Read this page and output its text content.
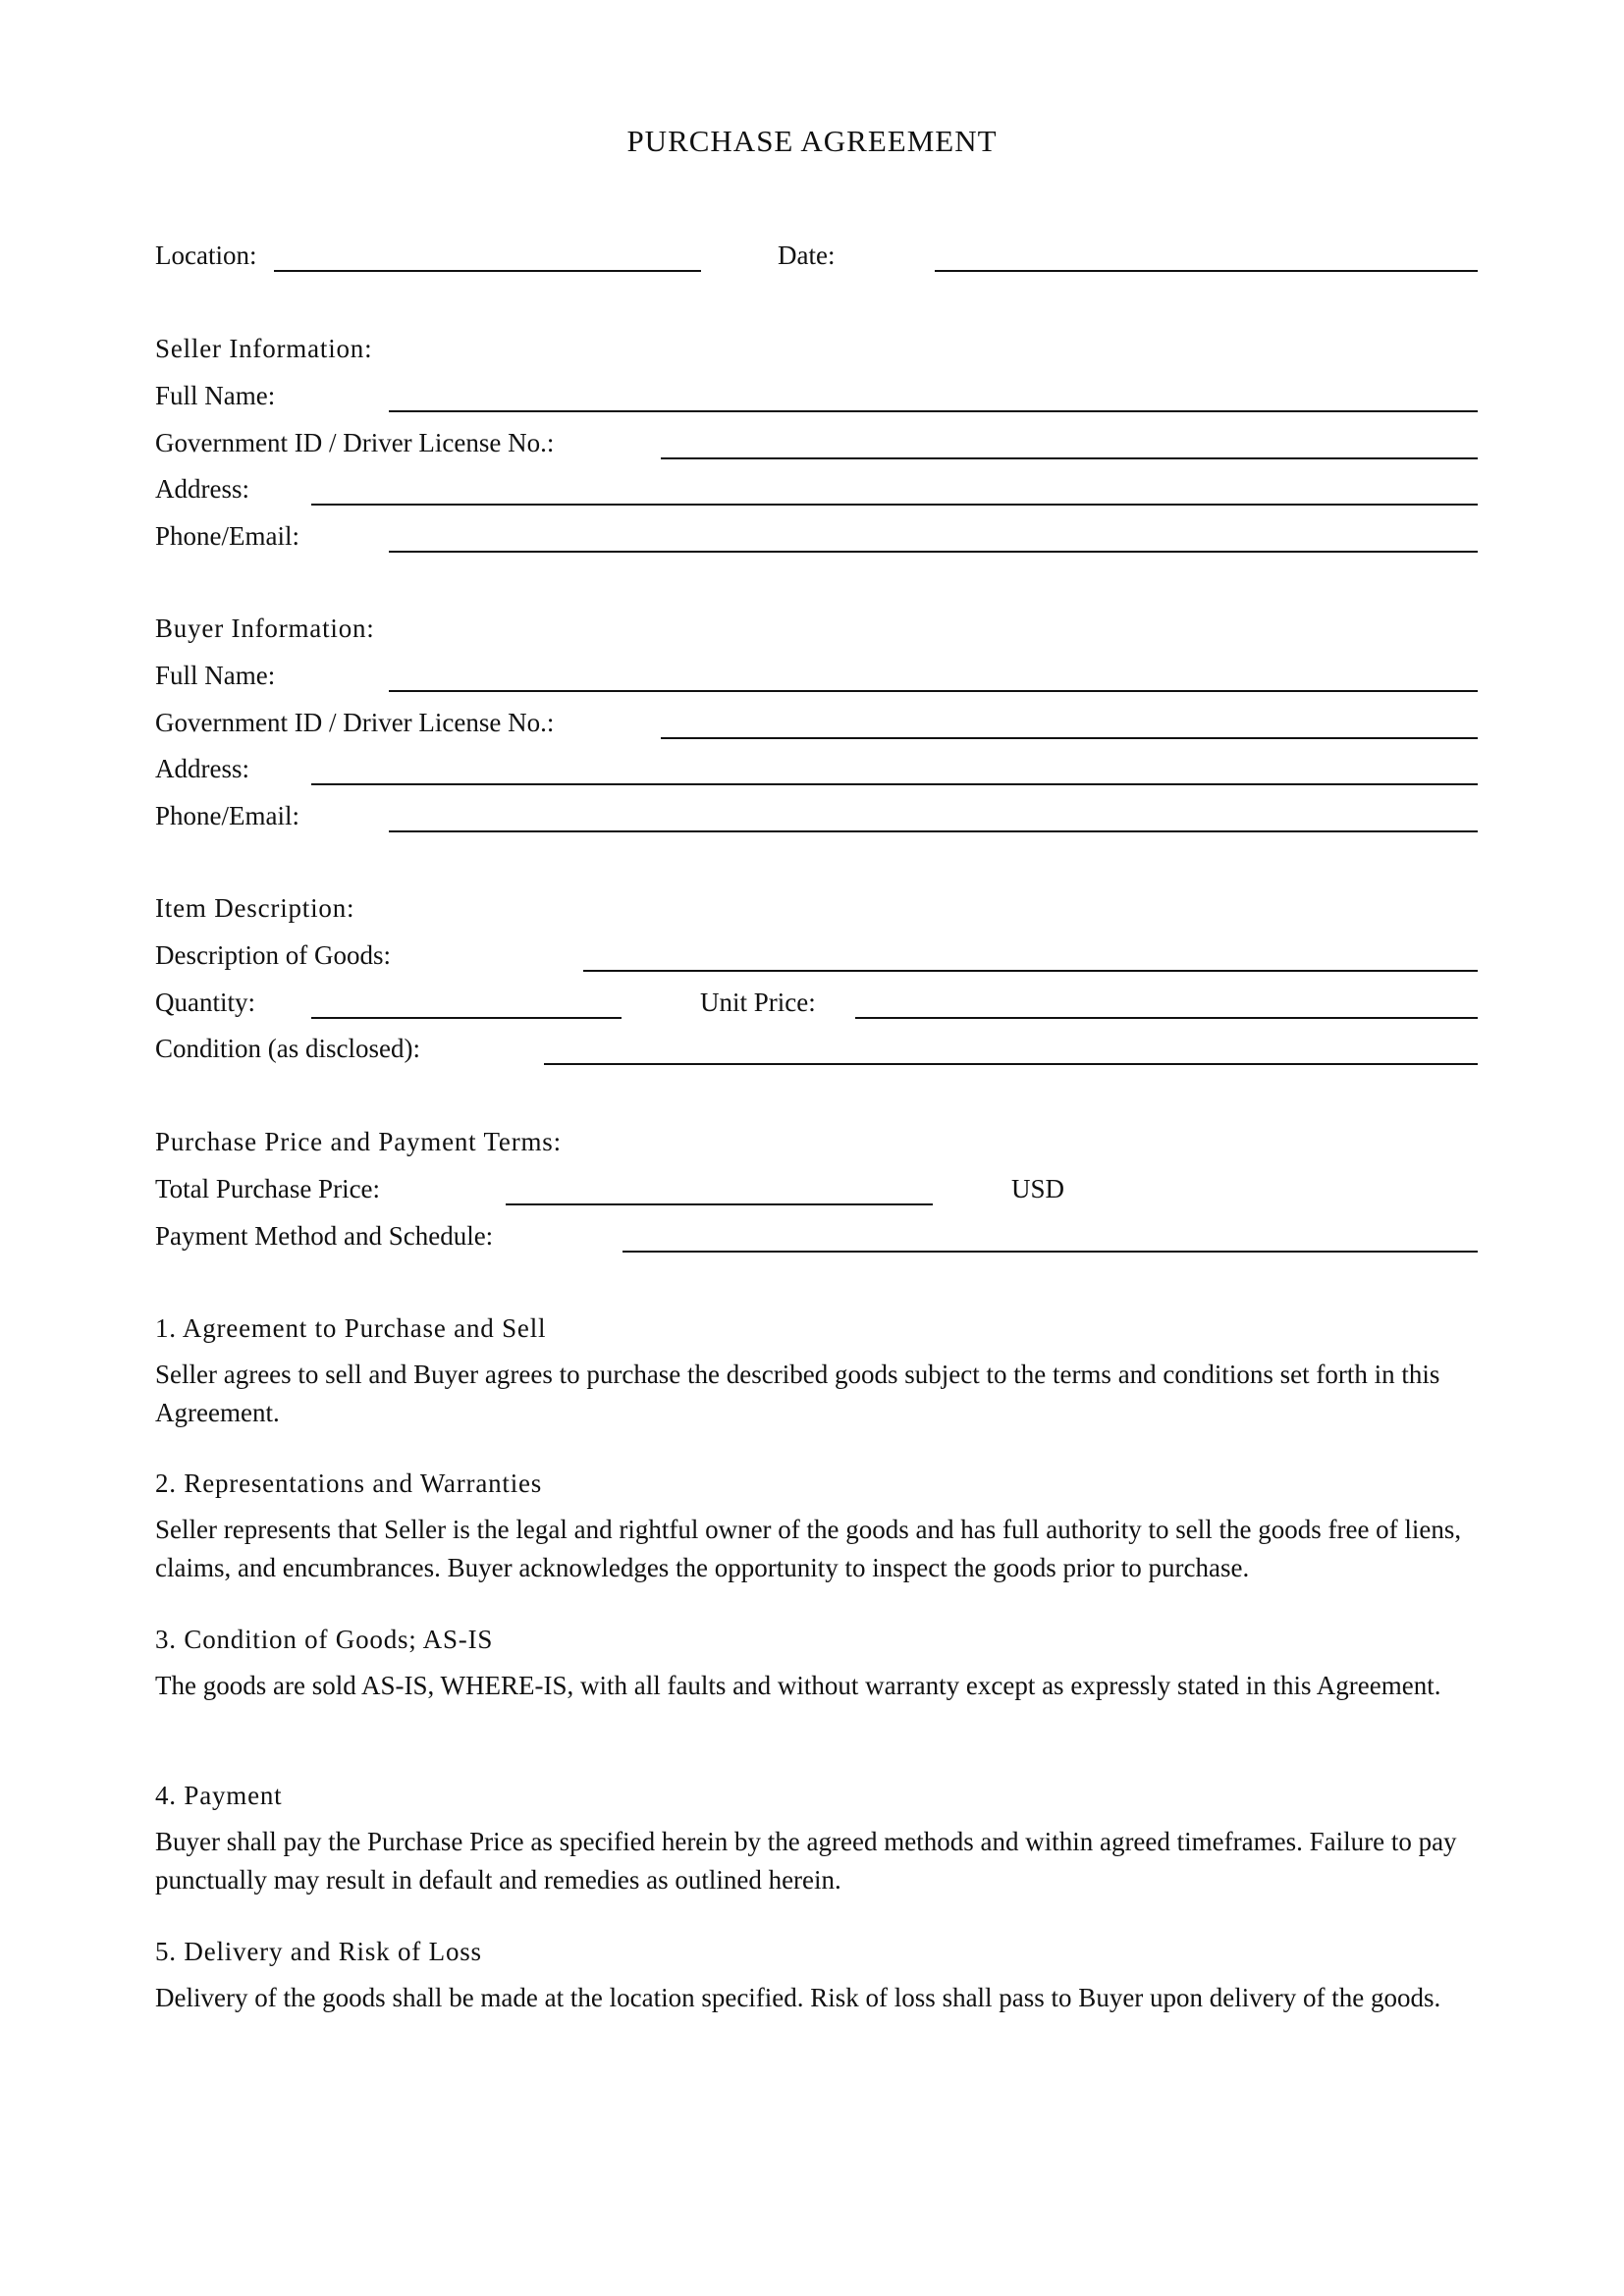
PURCHASE AGREEMENT
Location:	Date:
Seller Information:
Full Name:
Government ID / Driver License No.:
Address:
Phone/Email:
Buyer Information:
Full Name:
Government ID / Driver License No.:
Address:
Phone/Email:
Item Description:
Description of Goods:
Quantity:	Unit Price:
Condition (as disclosed):
Purchase Price and Payment Terms:
Total Purchase Price:	USD
Payment Method and Schedule:
1. Agreement to Purchase and Sell
Seller agrees to sell and Buyer agrees to purchase the described goods subject to the terms and conditions set forth in this Agreement.
2. Representations and Warranties
Seller represents that Seller is the legal and rightful owner of the goods and has full authority to sell the goods free of liens, claims, and encumbrances. Buyer acknowledges the opportunity to inspect the goods prior to purchase.
3. Condition of Goods; AS-IS
The goods are sold AS-IS, WHERE-IS, with all faults and without warranty except as expressly stated in this Agreement.
4. Payment
Buyer shall pay the Purchase Price as specified herein by the agreed methods and within agreed timeframes. Failure to pay punctually may result in default and remedies as outlined herein.
5. Delivery and Risk of Loss
Delivery of the goods shall be made at the location specified. Risk of loss shall pass to Buyer upon delivery of the goods.
